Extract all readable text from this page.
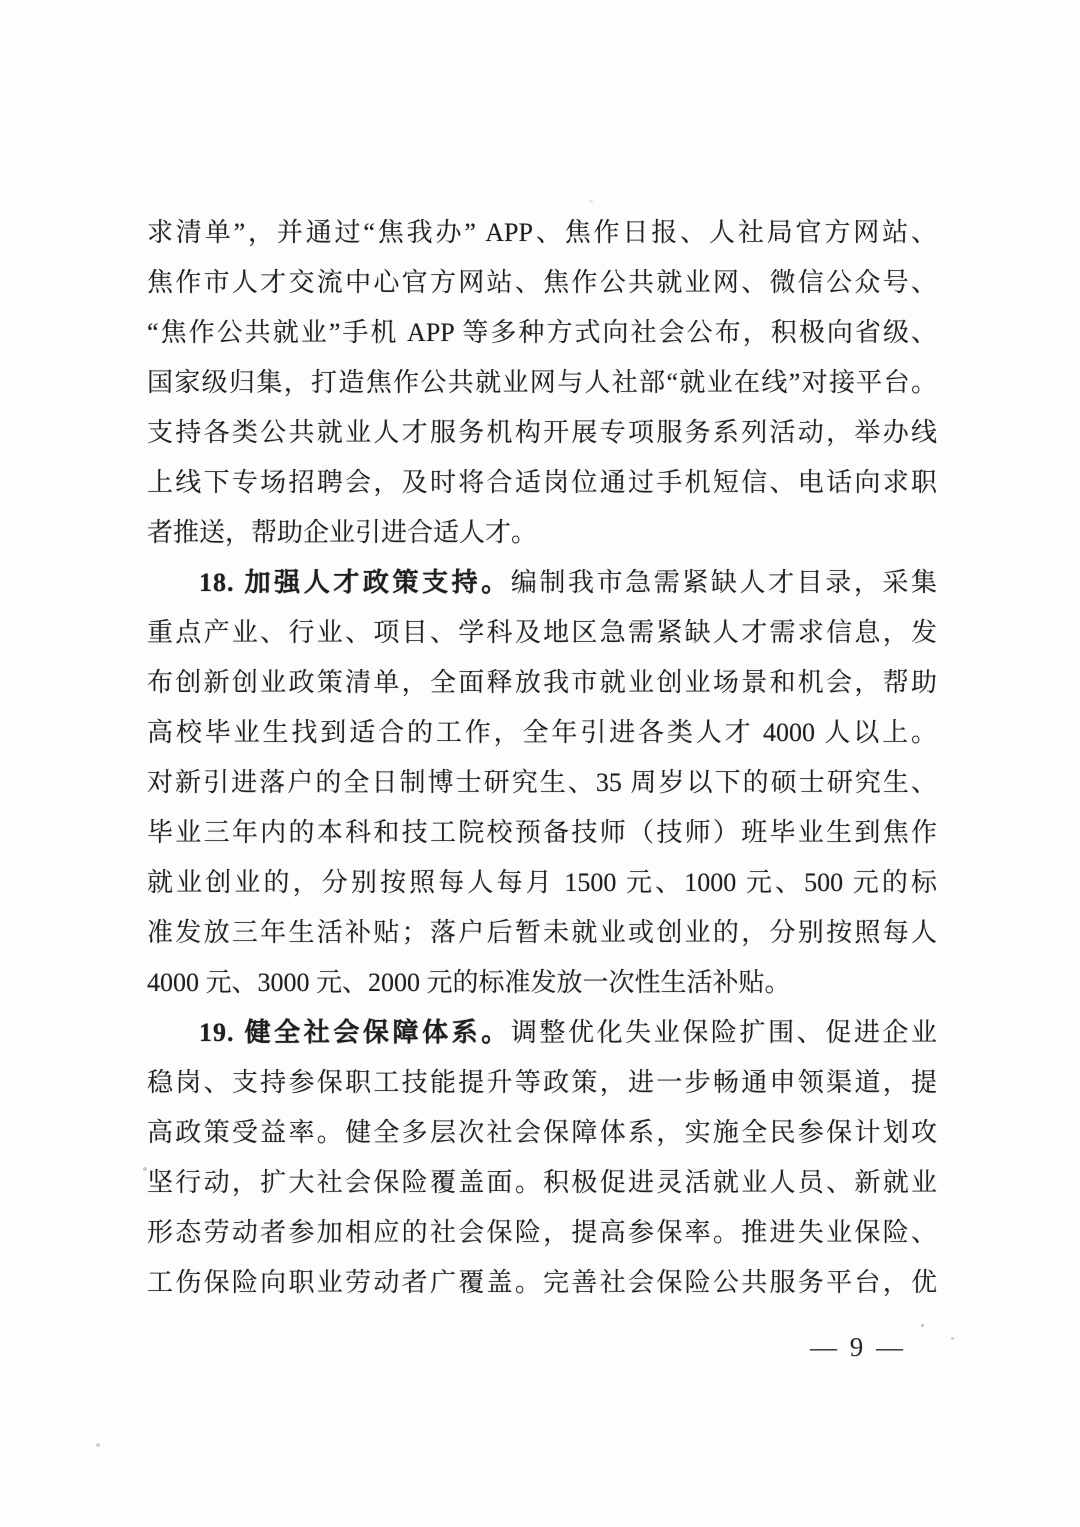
求清单”，并通过“焦我办” APP、焦作日报、人社局官方网站、
焦作市人才交流中心官方网站、焦作公共就业网、微信公众号、
“焦作公共就业”手机 APP 等多种方式向社会公布，积极向省级、
国家级归集，打造焦作公共就业网与人社部“就业在线”对接平台。
支持各类公共就业人才服务机构开展专项服务系列活动，举办线
上线下专场招聘会，及时将合适岗位通过手机短信、电话向求职
者推送，帮助企业引进合适人才。
18. 加强人才政策支持。编制我市急需紧缺人才目录，采集
重点产业、行业、项目、学科及地区急需紧缺人才需求信息，发
布创新创业政策清单，全面释放我市就业创业场景和机会，帮助
高校毕业生找到适合的工作，全年引进各类人才 4000 人以上。
对新引进落户的全日制博士研究生、35 周岁以下的硕士研究生、
毕业三年内的本科和技工院校预备技师（技师）班毕业生到焦作
就业创业的，分别按照每人每月 1500 元、1000 元、500 元的标
准发放三年生活补贴；落户后暂未就业或创业的，分别按照每人
4000 元、3000 元、2000 元的标准发放一次性生活补贴。
19. 健全社会保障体系。调整优化失业保险扩围、促进企业
稳岗、支持参保职工技能提升等政策，进一步畅通申领渠道，提
高政策受益率。健全多层次社会保障体系，实施全民参保计划攻
坚行动，扩大社会保险覆盖面。积极促进灵活就业人员、新就业
形态劳动者参加相应的社会保险，提高参保率。推进失业保险、
工伤保险向职业劳动者广覆盖。完善社会保险公共服务平台，优
— 9 —
